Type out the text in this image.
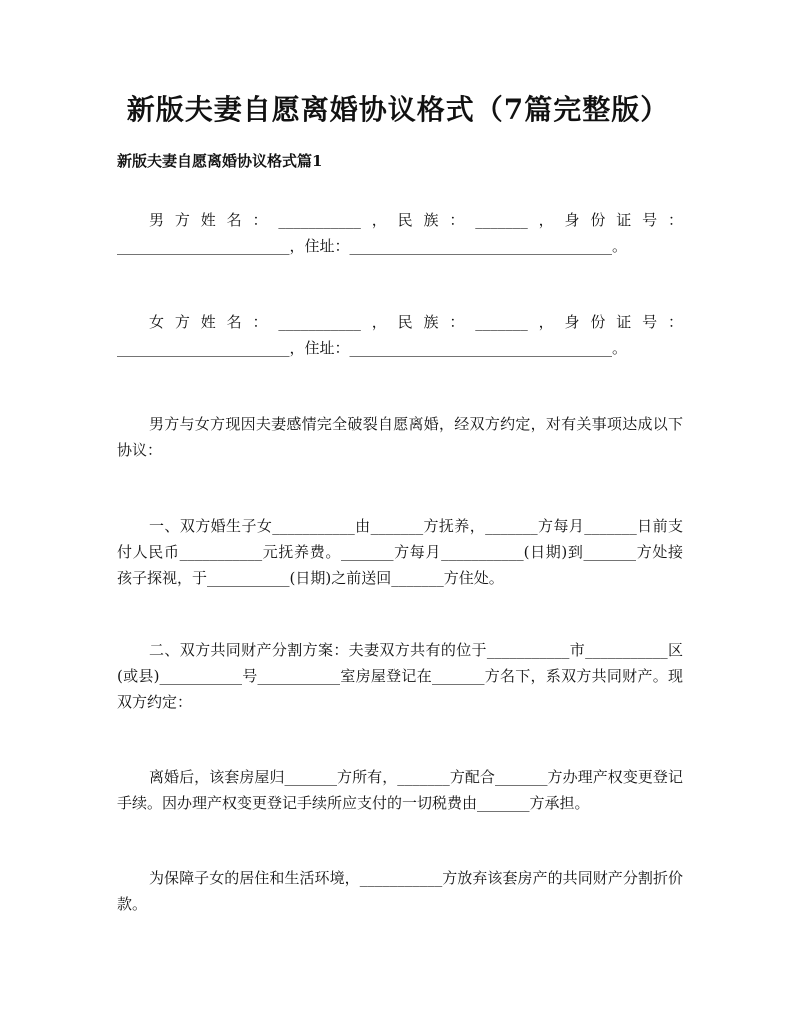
新版夫妻自愿离婚协议格式（7篇完整版）
新版夫妻自愿离婚协议格式篇1

男方姓名：___________，民族：_______，身份证号：_______________________，住址：___________________________________。

女方姓名：___________，民族：_______，身份证号：_______________________，住址：___________________________________。

男方与女方现因夫妻感情完全破裂自愿离婚，经双方约定，对有关事项达成以下协议：

一、双方婚生子女___________由_______方抚养，_______方每月_______日前支付人民币___________元抚养费。_______方每月___________(日期)到_______方处接孩子探视，于___________(日期)之前送回_______方住处。

二、双方共同财产分割方案：夫妻双方共有的位于___________市___________区(或县)___________号___________室房屋登记在_______方名下，系双方共同财产。现双方约定：

离婚后，该套房屋归_______方所有，_______方配合_______方办理产权变更登记手续。因办理产权变更登记手续所应支付的一切税费由_______方承担。

为保障子女的居住和生活环境，___________方放弃该套房产的共同财产分割折价款。
